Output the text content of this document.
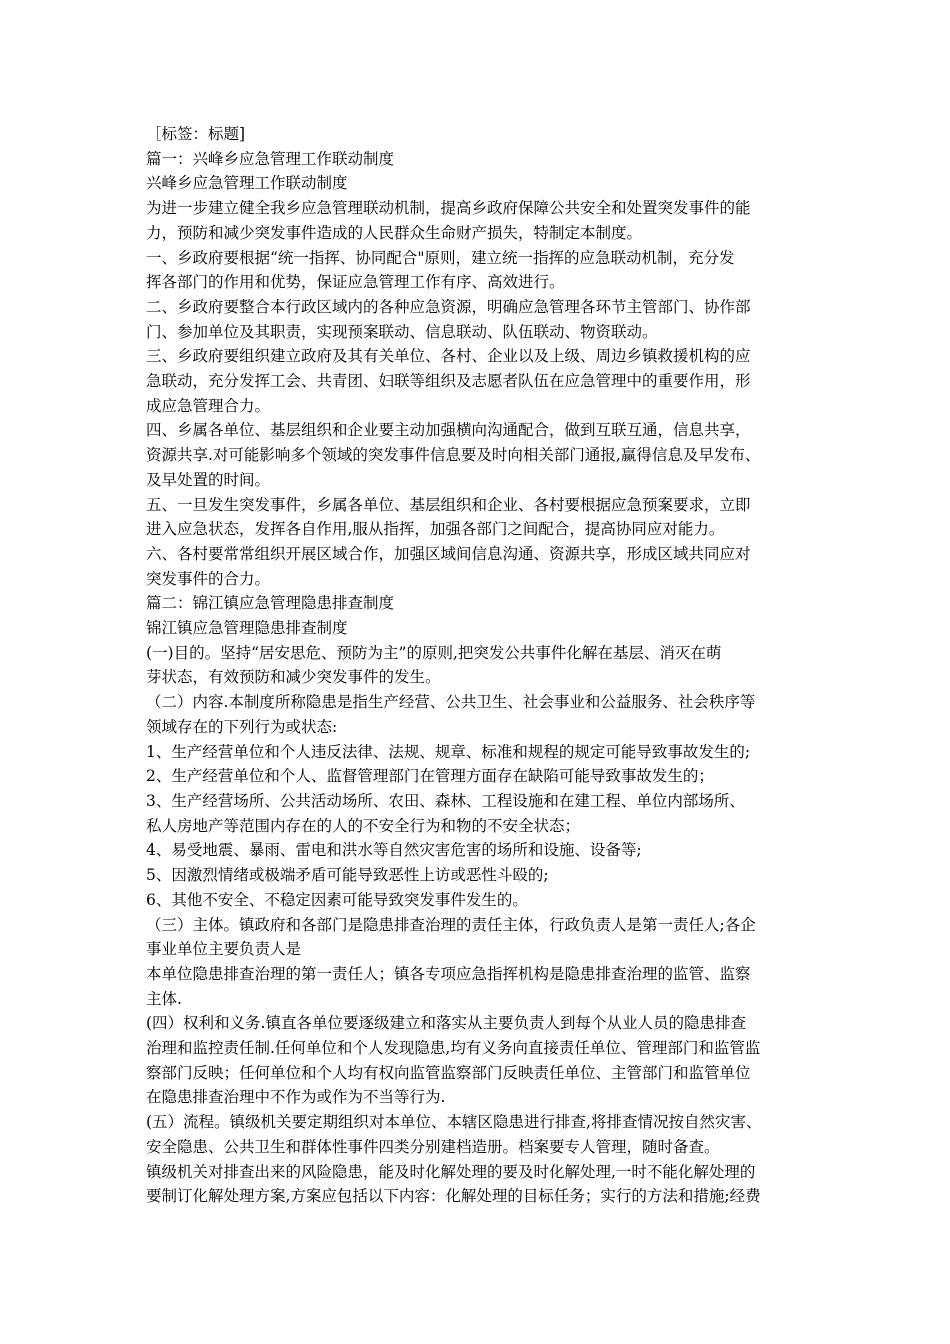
［标签：标题]

篇一：兴峰乡应急管理工作联动制度

兴峰乡应急管理工作联动制度

为进一步建立健全我乡应急管理联动机制，提高乡政府保障公共安全和处置突发事件的能

力，预防和减少突发事件造成的人民群众生命财产损失，特制定本制度。

一、乡政府要根据“统一指挥、协同配合"原则，建立统一指挥的应急联动机制，充分发

挥各部门的作用和优势，保证应急管理工作有序、高效进行。

二、乡政府要整合本行政区域内的各种应急资源，明确应急管理各环节主管部门、协作部

门、参加单位及其职责，实现预案联动、信息联动、队伍联动、物资联动。

三、乡政府要组织建立政府及其有关单位、各村、企业以及上级、周边乡镇救援机构的应

急联动，充分发挥工会、共青团、妇联等组织及志愿者队伍在应急管理中的重要作用，形

成应急管理合力。

四、乡属各单位、基层组织和企业要主动加强横向沟通配合，做到互联互通，信息共享，

资源共享.对可能影响多个领域的突发事件信息要及时向相关部门通报,赢得信息及早发布、

及早处置的时间。

五、一旦发生突发事件，乡属各单位、基层组织和企业、各村要根据应急预案要求，立即

进入应急状态，发挥各自作用,服从指挥，加强各部门之间配合，提高协同应对能力。

六、各村要常常组织开展区域合作，加强区域间信息沟通、资源共享，形成区域共同应对

突发事件的合力。

篇二：锦江镇应急管理隐患排查制度

锦江镇应急管理隐患排查制度

(一)目的。坚持“居安思危、预防为主”的原则,把突发公共事件化解在基层、消灭在萌

芽状态，有效预防和减少突发事件的发生。

（二）内容.本制度所称隐患是指生产经营、公共卫生、社会事业和公益服务、社会秩序等

领域存在的下列行为或状态:

1、生产经营单位和个人违反法律、法规、规章、标准和规程的规定可能导致事故发生的;

2、生产经营单位和个人、监督管理部门在管理方面存在缺陷可能导致事故发生的；

3、生产经营场所、公共活动场所、农田、森林、工程设施和在建工程、单位内部场所、

私人房地产等范围内存在的人的不安全行为和物的不安全状态；

4、易受地震、暴雨、雷电和洪水等自然灾害危害的场所和设施、设备等;

5、因激烈情绪或极端矛盾可能导致恶性上访或恶性斗殴的;

6、其他不安全、不稳定因素可能导致突发事件发生的。

（三）主体。镇政府和各部门是隐患排查治理的责任主体，行政负责人是第一责任人;各企

事业单位主要负责人是

本单位隐患排查治理的第一责任人；镇各专项应急指挥机构是隐患排查治理的监管、监察

主体.

(四）权利和义务.镇直各单位要逐级建立和落实从主要负责人到每个从业人员的隐患排查

治理和监控责任制.任何单位和个人发现隐患,均有义务向直接责任单位、管理部门和监管监

察部门反映；任何单位和个人均有权向监管监察部门反映责任单位、主管部门和监管单位

在隐患排查治理中不作为或作为不当等行为.

(五）流程。镇级机关要定期组织对本单位、本辖区隐患进行排查,将排查情况按自然灾害、

安全隐患、公共卫生和群体性事件四类分别建档造册。档案要专人管理，随时备查。

镇级机关对排查出来的风险隐患，能及时化解处理的要及时化解处理,一时不能化解处理的

要制订化解处理方案,方案应包括以下内容：化解处理的目标任务；实行的方法和措施;经费
